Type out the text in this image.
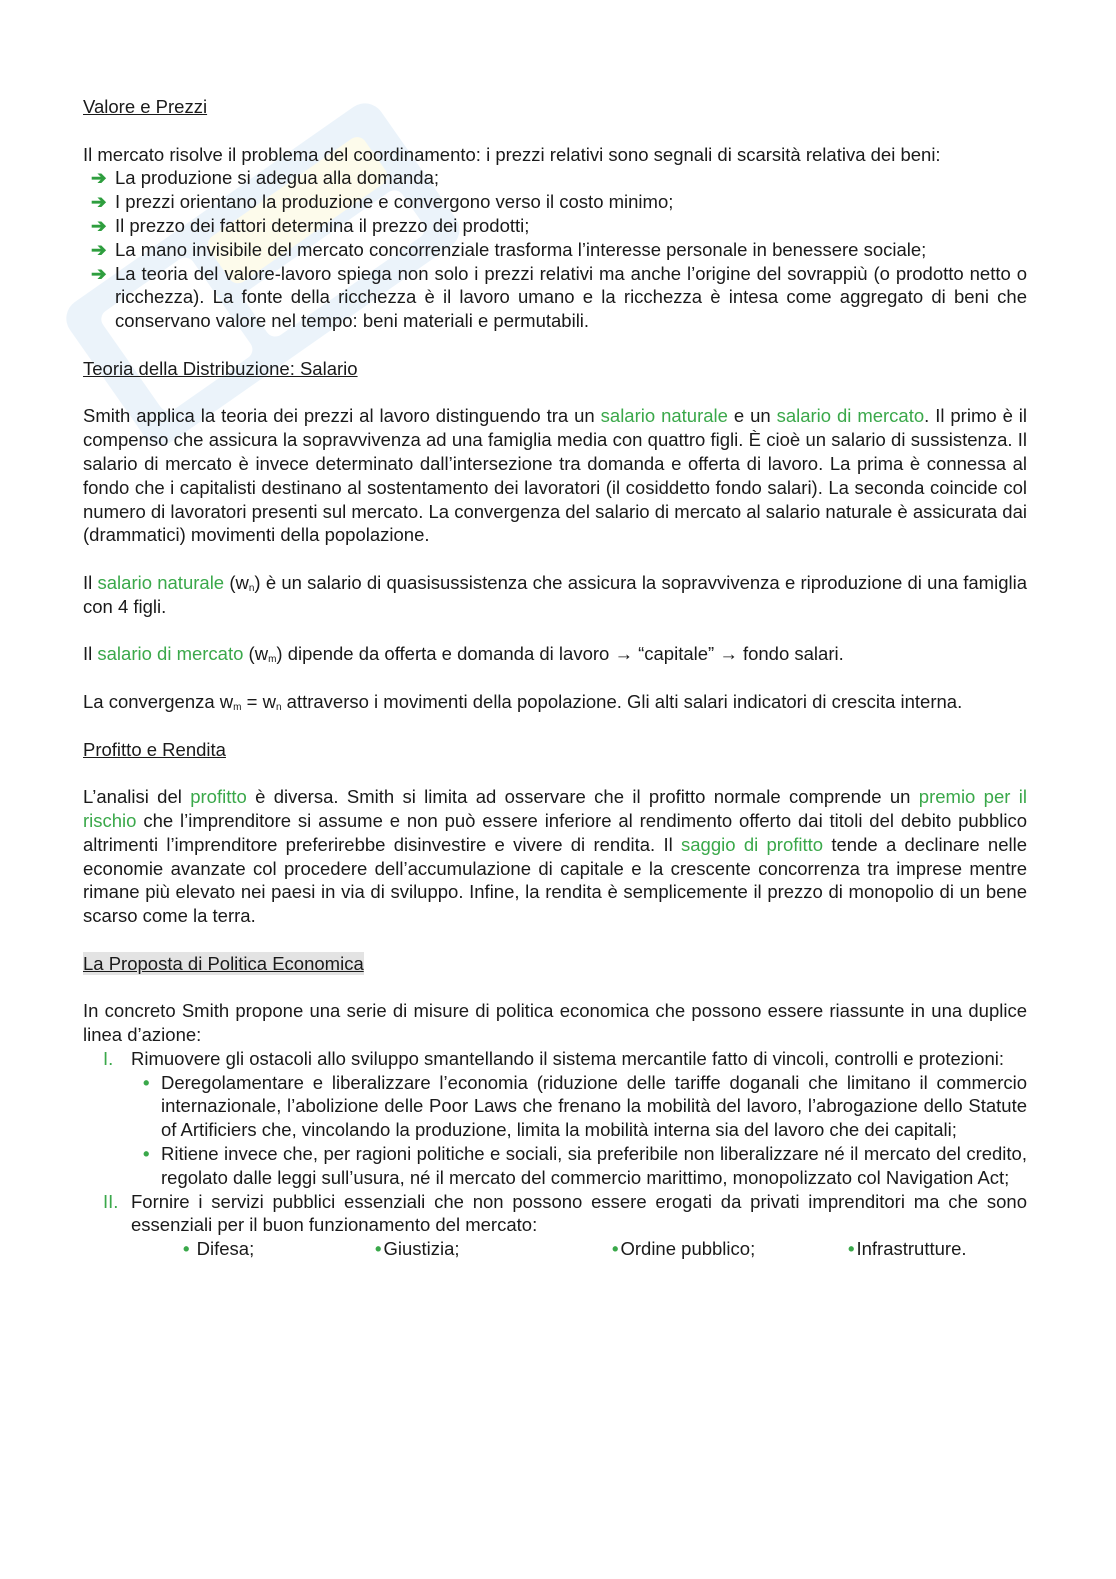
Valore e Prezzi

Il mercato risolve il problema del coordinamento: i prezzi relativi sono segnali di scarsità relativa dei beni:

➔ La produzione si adegua alla domanda;
➔ I prezzi orientano la produzione e convergono verso il costo minimo;
➔ Il prezzo dei fattori determina il prezzo dei prodotti;
➔ La mano invisibile del mercato concorrenziale trasforma l’interesse personale in benessere sociale;
➔ La teoria del valore-lavoro spiega non solo i prezzi relativi ma anche l’origine del sovrappiù (o prodotto netto o ricchezza). La fonte della ricchezza è il lavoro umano e la ricchezza è intesa come aggregato di beni che conservano valore nel tempo: beni materiali e permutabili.
Teoria della Distribuzione: Salario

Smith applica la teoria dei prezzi al lavoro distinguendo tra un salario naturale e un salario di mercato. Il primo è il compenso che assicura la sopravvivenza ad una famiglia media con quattro figli. È cioè un salario di sussistenza. Il salario di mercato è invece determinato dall’intersezione tra domanda e offerta di lavoro. La prima è connessa al fondo che i capitalisti destinano al sostentamento dei lavoratori (il cosiddetto fondo salari). La seconda coincide col numero di lavoratori presenti sul mercato. La convergenza del salario di mercato al salario naturale è assicurata dai (drammatici) movimenti della popolazione.

Il salario naturale $(w_n)$ è un salario di quasisussistenza che assicura la sopravvivenza e riproduzione di una famiglia con 4 figli.

Il salario di mercato $(w_m)$ dipende da offerta e domanda di lavoro → “capitale” → fondo salari.

La convergenza $w_m = w_n$ attraverso i movimenti della popolazione. Gli alti salari indicatori di crescita interna.

Profitto e Rendita

L’analisi del profitto è diversa. Smith si limita ad osservare che il profitto normale comprende un premio per il rischio che l’imprenditore si assume e non può essere inferiore al rendimento offerto dai titoli del debito pubblico altrimenti l’imprenditore preferirebbe disinvestire e vivere di rendita. Il saggio di profitto tende a declinare nelle economie avanzate col procedere dell’accumulazione di capitale e la crescente concorrenza tra imprese mentre rimane più elevato nei paesi in via di sviluppo. Infine, la rendita è semplicemente il prezzo di monopolio di un bene scarso come la terra.

La Proposta di Politica Economica

In concreto Smith propone una serie di misure di politica economica che possono essere riassunte in una duplice linea d’azione:

I. Rimuovere gli ostacoli allo sviluppo smantellando il sistema mercantile fatto di vincoli, controlli e protezioni:
• Deregolamentare e liberalizzare l’economia (riduzione delle tariffe doganali che limitano il commercio internazionale, l’abolizione delle Poor Laws che frenano la mobilità del lavoro, l’abrogazione dello Statute of Artificiers che, vincolando la produzione, limita la mobilità interna sia del lavoro che dei capitali;
• Ritiene invece che, per ragioni politiche e sociali, sia preferibile non liberalizzare né il mercato del credito, regolato dalle leggi sull’usura, né il mercato del commercio marittimo, monopolizzato col Navigation Act;
II. Fornire i servizi pubblici essenziali che non possono essere erogati da privati imprenditori ma che sono essenziali per il buon funzionamento del mercato:
• Difesa;	• Giustizia;	• Ordine pubblico;	• Infrastrutture.
